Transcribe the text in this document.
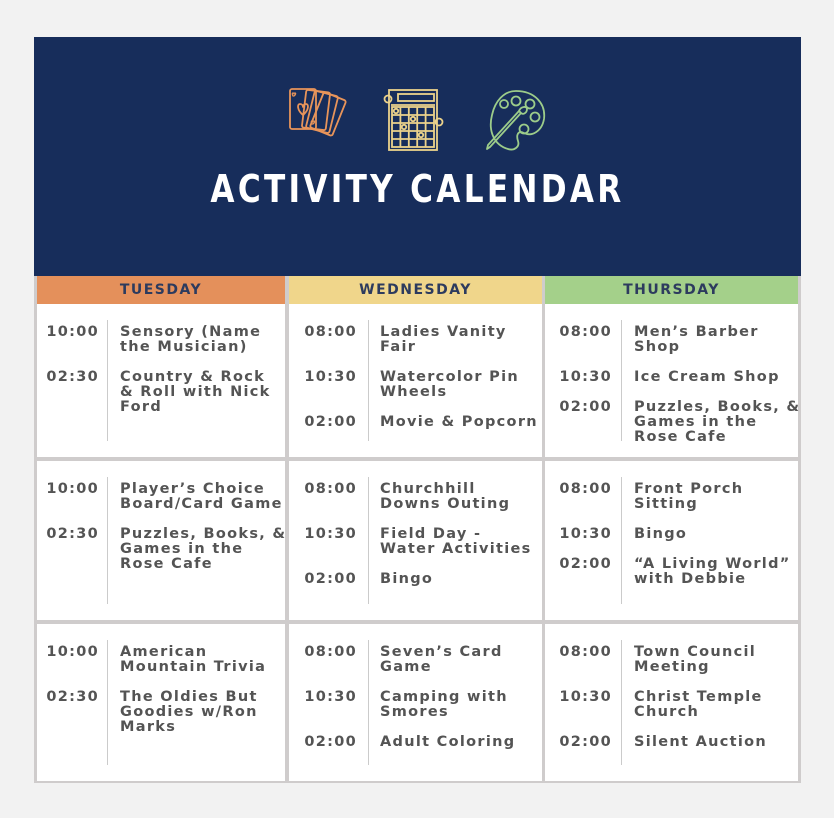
ACTIVITY CALENDAR
TUESDAY	WEDNESDAY	THURSDAY
10:00 Sensory (Name
the Musician)
02:30 Country & Rock
& Roll with Nick
Ford
08:00 Ladies Vanity
Fair
10:30 Watercolor Pin
Wheels
02:00 Movie & Popcorn
08:00 Men’s Barber
Shop
10:30 Ice Cream Shop
02:00 Puzzles, Books, &
Games in the
Rose Cafe
10:00 Player’s Choice
Board/Card Game
02:30 Puzzles, Books, &
Games in the
Rose Cafe
08:00 Churchhill
Downs Outing
10:30 Field Day -
Water Activities
02:00 Bingo
08:00 Front Porch
Sitting
10:30 Bingo
02:00 “A Living World”
with Debbie
10:00 American
Mountain Trivia
02:30 The Oldies But
Goodies w/Ron
Marks
08:00 Seven’s Card
Game
10:30 Camping with
Smores
02:00 Adult Coloring
08:00 Town Council
Meeting
10:30 Christ Temple
Church
02:00 Silent Auction
